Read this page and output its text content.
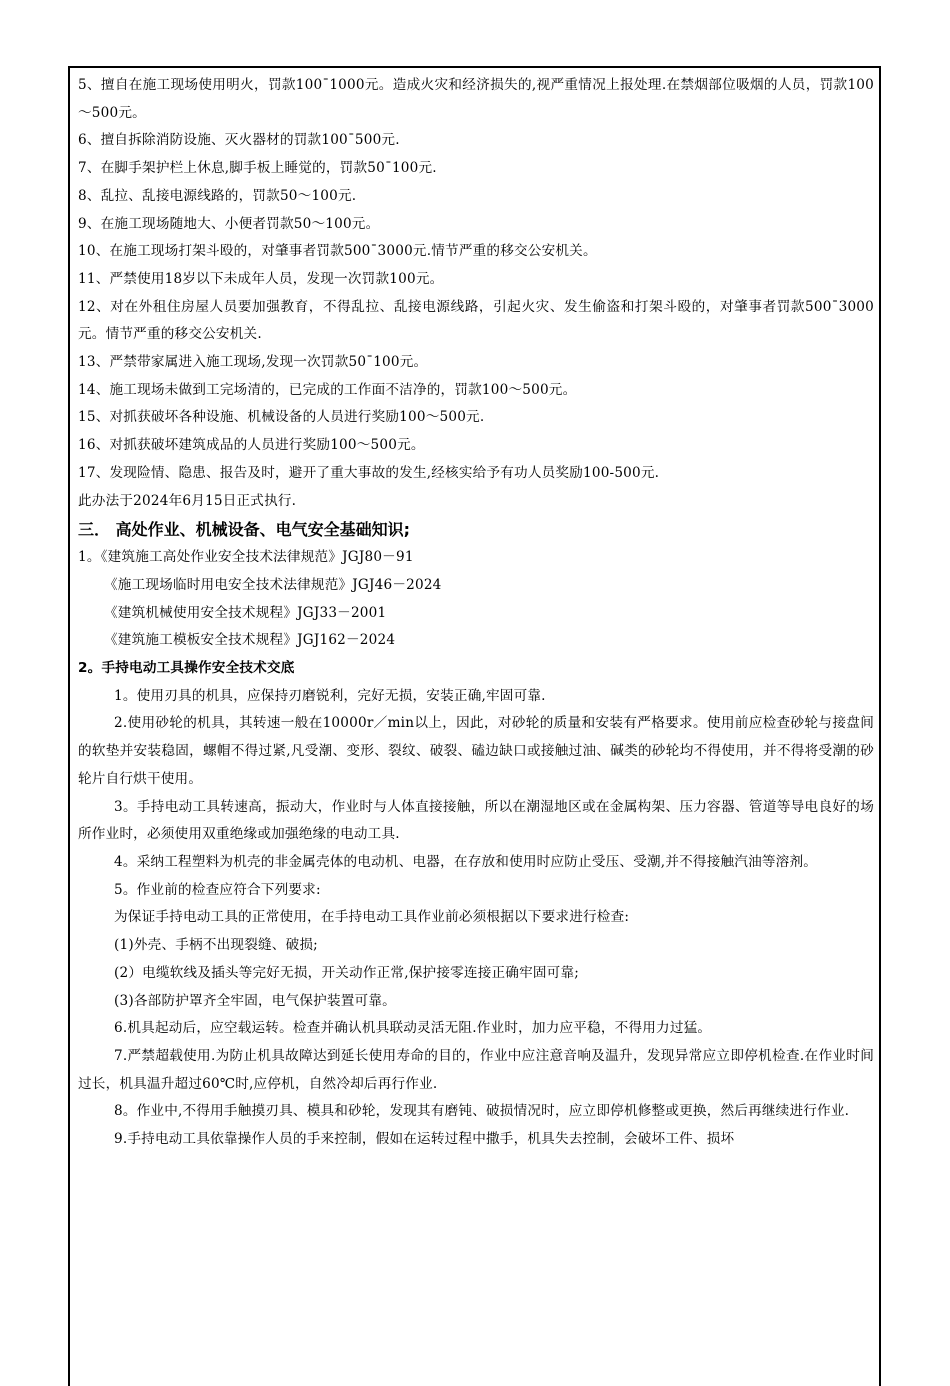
5、擅自在施工现场使用明火，罚款100¯1000元。造成火灾和经济损失的,视严重情况上报处理.在禁烟部位吸烟的人员，罚款100～500元。
6、擅自拆除消防设施、灭火器材的罚款100¯500元.
7、在脚手架护栏上休息,脚手板上睡觉的，罚款50¯100元.
8、乱拉、乱接电源线路的，罚款50～100元.
9、在施工现场随地大、小便者罚款50～100元。
10、在施工现场打架斗殴的，对肇事者罚款500¯3000元.情节严重的移交公安机关。
11、严禁使用18岁以下未成年人员，发现一次罚款100元。
12、对在外租住房屋人员要加强教育，不得乱拉、乱接电源线路，引起火灾、发生偷盗和打架斗殴的，对肇事者罚款500¯3000元。情节严重的移交公安机关.
13、严禁带家属进入施工现场,发现一次罚款50¯100元。
14、施工现场未做到工完场清的，已完成的工作面不洁净的，罚款100～500元。
15、对抓获破坏各种设施、机械设备的人员进行奖励100～500元.
16、对抓获破坏建筑成品的人员进行奖励100～500元。
17、发现险情、隐患、报告及时，避开了重大事故的发生,经核实给予有功人员奖励100-500元.
此办法于2024年6月15日正式执行.
三． 高处作业、机械设备、电气安全基础知识;
1。《建筑施工高处作业安全技术法律规范》JGJ80－91
《施工现场临时用电安全技术法律规范》JGJ46－2024
《建筑机械使用安全技术规程》JGJ33－2001
《建筑施工模板安全技术规程》JGJ162－2024
2。手持电动工具操作安全技术交底
1。使用刃具的机具，应保持刃磨锐利，完好无损，安装正确,牢固可靠.
2.使用砂轮的机具，其转速一般在10000r／min以上，因此，对砂轮的质量和安装有严格要求。使用前应检查砂轮与接盘间的软垫并安装稳固，螺帽不得过紧,凡受潮、变形、裂纹、破裂、磕边缺口或接触过油、碱类的砂轮均不得使用，并不得将受潮的砂轮片自行烘干使用。
3。手持电动工具转速高，振动大，作业时与人体直接接触，所以在潮湿地区或在金属构架、压力容器、管道等导电良好的场所作业时，必须使用双重绝缘或加强绝缘的电动工具.
4。采纳工程塑料为机壳的非金属壳体的电动机、电器，在存放和使用时应防止受压、受潮,并不得接触汽油等溶剂。
5。作业前的检查应符合下列要求:
为保证手持电动工具的正常使用，在手持电动工具作业前必须根据以下要求进行检查:
(1)外壳、手柄不出现裂缝、破损;
(2）电缆软线及插头等完好无损，开关动作正常,保护接零连接正确牢固可靠;
(3)各部防护罩齐全牢固，电气保护装置可靠。
6.机具起动后，应空载运转。检查并确认机具联动灵活无阻.作业时，加力应平稳，不得用力过猛。
7.严禁超载使用.为防止机具故障达到延长使用寿命的目的，作业中应注意音响及温升，发现异常应立即停机检查.在作业时间过长，机具温升超过60℃时,应停机，自然冷却后再行作业.
8。作业中,不得用手触摸刃具、模具和砂轮，发现其有磨钝、破损情况时，应立即停机修整或更换，然后再继续进行作业.
9.手持电动工具依靠操作人员的手来控制，假如在运转过程中撒手，机具失去控制，会破坏工件、损坏
